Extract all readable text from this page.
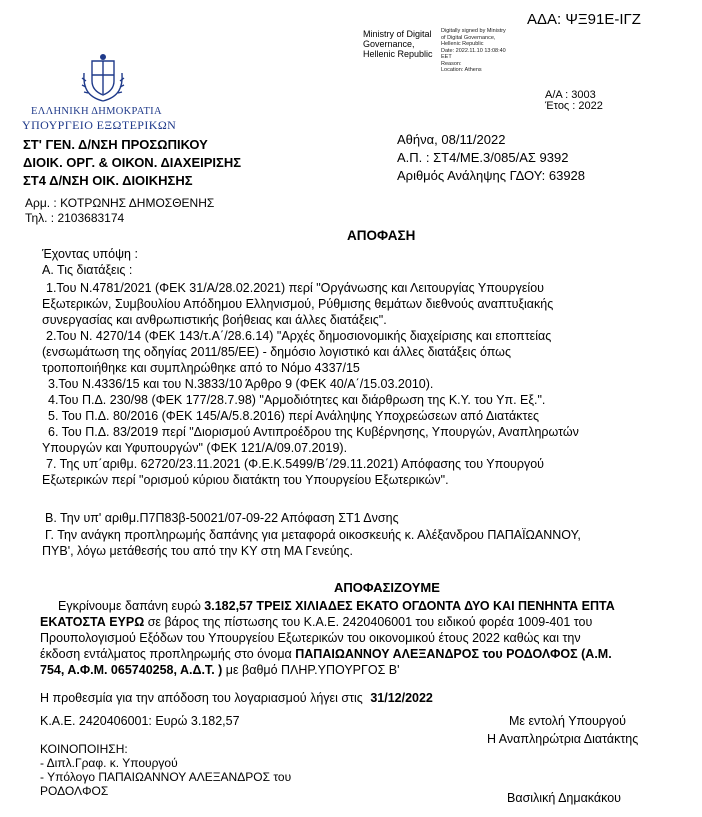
ΑΔΑ: ΨΞ91Ε-ΙΓΖ
Ministry of Digital
Governance,
Hellenic Republic
Digitally signed by Ministry
of Digital Governance,
Hellenic Republic
Date: 2022.11.10 13:08:40
EET
Reason:
Location: Athens
ΕΛΛΗΝΙΚΗ ΔΗΜΟΚΡΑΤΙΑ
ΥΠΟΥΡΓΕΙΟ ΕΞΩΤΕΡΙΚΩΝ
Α/Α : 3003
Έτος : 2022
ΣΤ' ΓΕΝ. Δ/ΝΣΗ ΠΡΟΣΩΠΙΚΟΥ
ΔΙΟΙΚ. ΟΡΓ. & ΟΙΚΟΝ. ΔΙΑΧΕΙΡΙΣΗΣ
ΣΤ4 Δ/ΝΣΗ ΟΙΚ. ΔΙΟΙΚΗΣΗΣ
Αθήνα, 08/11/2022
Α.Π. : ΣΤ4/ΜΕ.3/085/ΑΣ 9392
Αριθμός Ανάληψης ΓΔΟΥ: 63928
Αρμ. : ΚΟΤΡΩΝΗΣ ΔΗΜΟΣΘΕΝΗΣ
Τηλ. : 2103683174
ΑΠΟΦΑΣΗ
Έχοντας υπόψη :
Α. Τις διατάξεις :
1.Του Ν.4781/2021 (ΦΕΚ 31/Α/28.02.2021) περί "Οργάνωσης και Λειτουργίας Υπουργείου
Εξωτερικών, Συμβουλίου Απόδημου Ελληνισμού, Ρύθμισης θεμάτων διεθνούς αναπτυξιακής
συνεργασίας και ανθρωπιστικής βοήθειας και άλλες διατάξεις".
2.Του Ν. 4270/14 (ΦΕΚ 143/τ.Α΄/28.6.14) "Αρχές δημοσιονομικής διαχείρισης και εποπτείας
(ενσωμάτωση της οδηγίας 2011/85/ΕΕ) - δημόσιο λογιστικό και άλλες διατάξεις όπως
τροποποιήθηκε και συμπληρώθηκε από το Νόμο 4337/15
3.Του Ν.4336/15 και του Ν.3833/10 Άρθρο 9 (ΦΕΚ 40/Α΄/15.03.2010).
4.Του Π.Δ. 230/98 (ΦΕΚ 177/28.7.98) "Αρμοδιότητες και διάρθρωση της Κ.Υ. του Υπ. Εξ.".
5. Του Π.Δ. 80/2016 (ΦΕΚ 145/Α/5.8.2016) περί Ανάληψης Υποχρεώσεων από Διατάκτες
6. Του Π.Δ. 83/2019 περί "Διορισμού Αντιπροέδρου της Κυβέρνησης, Υπουργών, Αναπληρωτών
Υπουργών και Υφυπουργών" (ΦΕΚ 121/Α/09.07.2019).
7. Της υπ΄αριθμ. 62720/23.11.2021 (Φ.Ε.Κ.5499/Β΄/29.11.2021) Απόφασης του Υπουργού
Εξωτερικών περί "ορισμού κύριου διατάκτη του Υπουργείου Εξωτερικών".
Β. Την υπ' αριθμ.Π7Π83β-50021/07-09-22 Απόφαση ΣΤ1 Δνσης
Γ. Την ανάγκη προπληρωμής δαπάνης για μεταφορά οικοσκευής κ. Αλέξανδρου ΠΑΠΑΪΩΑΝΝΟΥ,
ΠΥΒ', λόγω μετάθεσής του από την ΚΥ στη ΜΑ Γενεύης.
ΑΠΟΦΑΣΙΖΟΥΜΕ
Εγκρίνουμε δαπάνη ευρώ 3.182,57 ΤΡΕΙΣ ΧΙΛΙΑΔΕΣ ΕΚΑΤΟ ΟΓΔΟΝΤΑ ΔΥΟ ΚΑΙ ΠΕΝΗΝΤΑ ΕΠΤΑ
ΕΚΑΤΟΣΤΑ ΕΥΡΩ σε βάρος της πίστωσης του Κ.Α.Ε. 2420406001 του ειδικού φορέα 1009-401 του
Προυπολογισμού Εξόδων του Υπουργείου Εξωτερικών του οικονομικού έτους 2022 καθώς και την
έκδοση εντάλματος προπληρωμής στο όνομα ΠΑΠΑΙΩΑΝΝΟΥ ΑΛΕΞΑΝΔΡΟΣ του ΡΟΔΟΛΦΟΣ (Α.Μ.
754, Α.Φ.Μ. 065740258, Α.Δ.Τ. ) με βαθμό ΠΛΗΡ.ΥΠΟΥΡΓΟΣ Β'
Η προθεσμία για την απόδοση του λογαριασμού λήγει στις 31/12/2022
Κ.Α.Ε. 2420406001: Ευρώ 3.182,57	Με εντολή Υπουργού
Η Αναπληρώτρια Διατάκτης
ΚΟΙΝΟΠΟΙΗΣΗ:
- Διπλ.Γραφ. κ. Υπουργού
- Υπόλογο ΠΑΠΑΙΩΑΝΝΟΥ ΑΛΕΞΑΝΔΡΟΣ του
ΡΟΔΟΛΦΟΣ	Βασιλική Δημακάκου
